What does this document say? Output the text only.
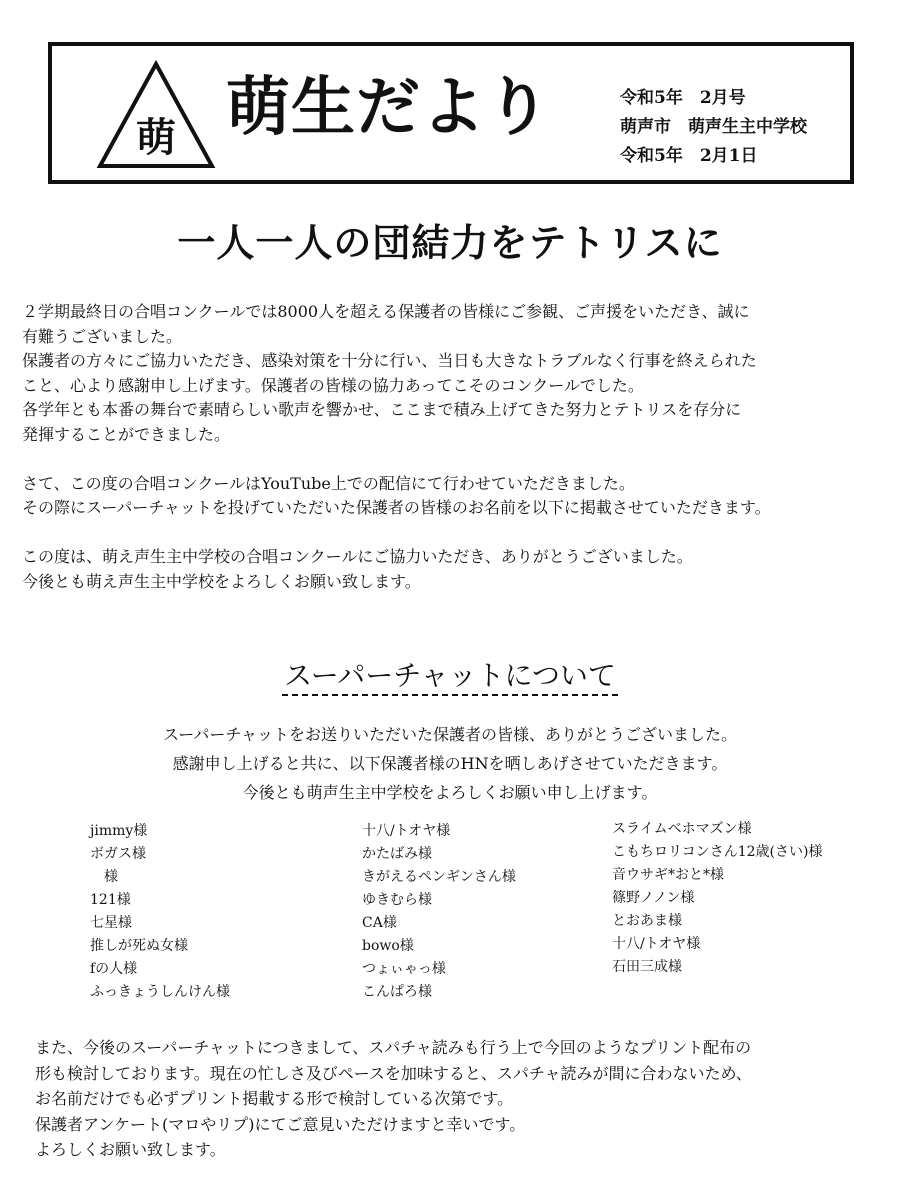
萌 萌生だより	令和5年　2月号
萌声市　萌声生主中学校
令和5年　2月1日
一人一人の団結力をテトリスに
２学期最終日の合唱コンクールでは8000人を超える保護者の皆様にご参観、ご声援をいただき、誠に
有難うございました。
保護者の方々にご協力いただき、感染対策を十分に行い、当日も大きなトラブルなく行事を終えられた
こと、心より感謝申し上げます。保護者の皆様の協力あってこそのコンクールでした。
各学年とも本番の舞台で素晴らしい歌声を響かせ、ここまで積み上げてきた努力とテトリスを存分に
発揮することができました。
さて、この度の合唱コンクールはYouTube上での配信にて行わせていただきました。
その際にスーパーチャットを投げていただいた保護者の皆様のお名前を以下に掲載させていただきます。
この度は、萌え声生主中学校の合唱コンクールにご協力いただき、ありがとうございました。
今後とも萌え声生主中学校をよろしくお願い致します。
スーパーチャットについて
スーパーチャットをお送りいただいた保護者の皆様、ありがとうございました。
感謝申し上げると共に、以下保護者様のHNを晒しあげさせていただきます。
今後とも萌声生主中学校をよろしくお願い申し上げます。
jimmy様
ボガス様
　様
121様
七星様
推しが死ぬ女様
fの人様
ふっきょうしんけん様
十八/トオヤ様
かたばみ様
きがえるペンギンさん様
ゆきむら様
CA様
bowo様
つょぃゃっ様
こんぱろ様
スライムベホマズン様
こもちロリコンさん12歳(さい)様
音ウサギ*おと*様
篠野ノノン様
とおあま様
十八/トオヤ様
石田三成様
また、今後のスーパーチャットにつきまして、スパチャ読みも行う上で今回のようなプリント配布の
形も検討しております。現在の忙しさ及びペースを加味すると、スパチャ読みが間に合わないため、
お名前だけでも必ずプリント掲載する形で検討している次第です。
保護者アンケート(マロやリプ)にてご意見いただけますと幸いです。
よろしくお願い致します。
